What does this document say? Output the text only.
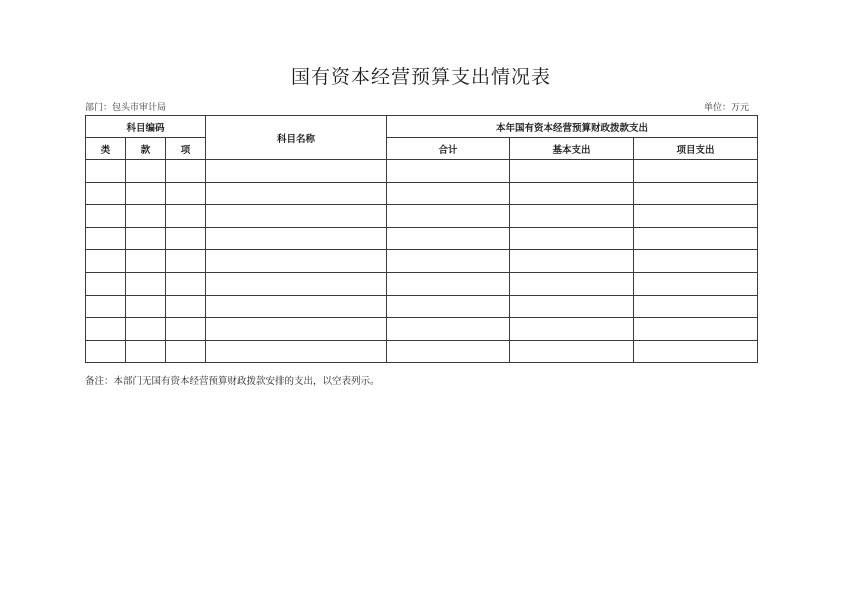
国有资本经营预算支出情况表
部门：包头市审计局	单位：万元
科目编码			科目名称	本年国有资本经营预算财政拨款支出		
类	款	项		合计	基本支出	项目支出

备注：本部门无国有资本经营预算财政拨款安排的支出，以空表列示。
